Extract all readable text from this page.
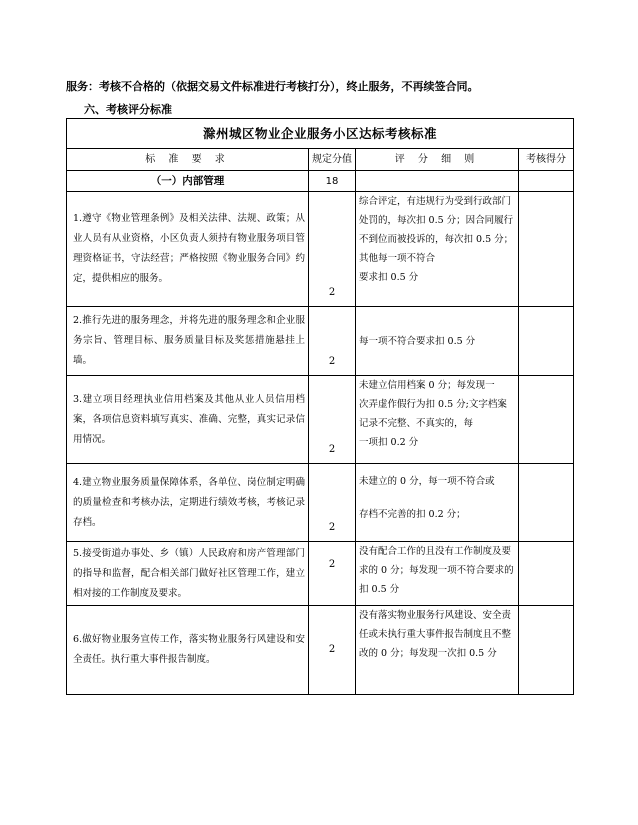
服务：考核不合格的（依据交易文件标准进行考核打分），终止服务，不再续签合同。
六、考核评分标准
滁州城区物业企业服务小区达标考核标准			
标 准 要 求	规定分值	评 分 细 则	考核得分
（一）内部管理	18		
1.遵守《物业管理条例》及相关法律、法规、政策；从业人员有从业资格，小区负责人须持有物业服务项目管理资格证书，守法经营；严格按照《物业服务合同》约定，提供相应的服务。	2	综合评定，有违规行为受到行政部门处罚的，每次扣 0.5 分；因合同履行不到位而被投诉的，每次扣 0.5 分；其他每一项不符合
要求扣 0.5 分	

2.推行先进的服务理念，并将先进的服务理念和企业服务宗旨、管理目标、服务质量目标及奖惩措施悬挂上墙。	2	每一项不符合要求扣 0.5 分	

3.建立项目经理执业信用档案及其他从业人员信用档案，各项信息资料填写真实、准确、完整，真实记录信用情况。	2	未建立信用档案 0 分；每发现一
次弄虚作假行为扣 0.5 分;文字档案记录不完整、不真实的，每
一项扣 0.2 分	

4.建立物业服务质量保障体系，各单位、岗位制定明确的质量检查和考核办法，定期进行绩效考核，考核记录存档。	2	未建立的 0 分，每一项不符合或
存档不完善的扣 0.2 分；	

5.接受街道办事处、乡（镇）人民政府和房产管理部门的指导和监督，配合相关部门做好社区管理工作，建立相对接的工作制度及要求。	2	没有配合工作的且没有工作制度及要求的 0 分；每发现一项不符合要求的扣 0.5 分	
6.做好物业服务宣传工作，落实物业服务行风建设和安全责任。执行重大事件报告制度。	2	没有落实物业服务行风建设、安全责任或未执行重大事件报告制度且不整改的 0 分；每发现一次扣 0.5 分	
